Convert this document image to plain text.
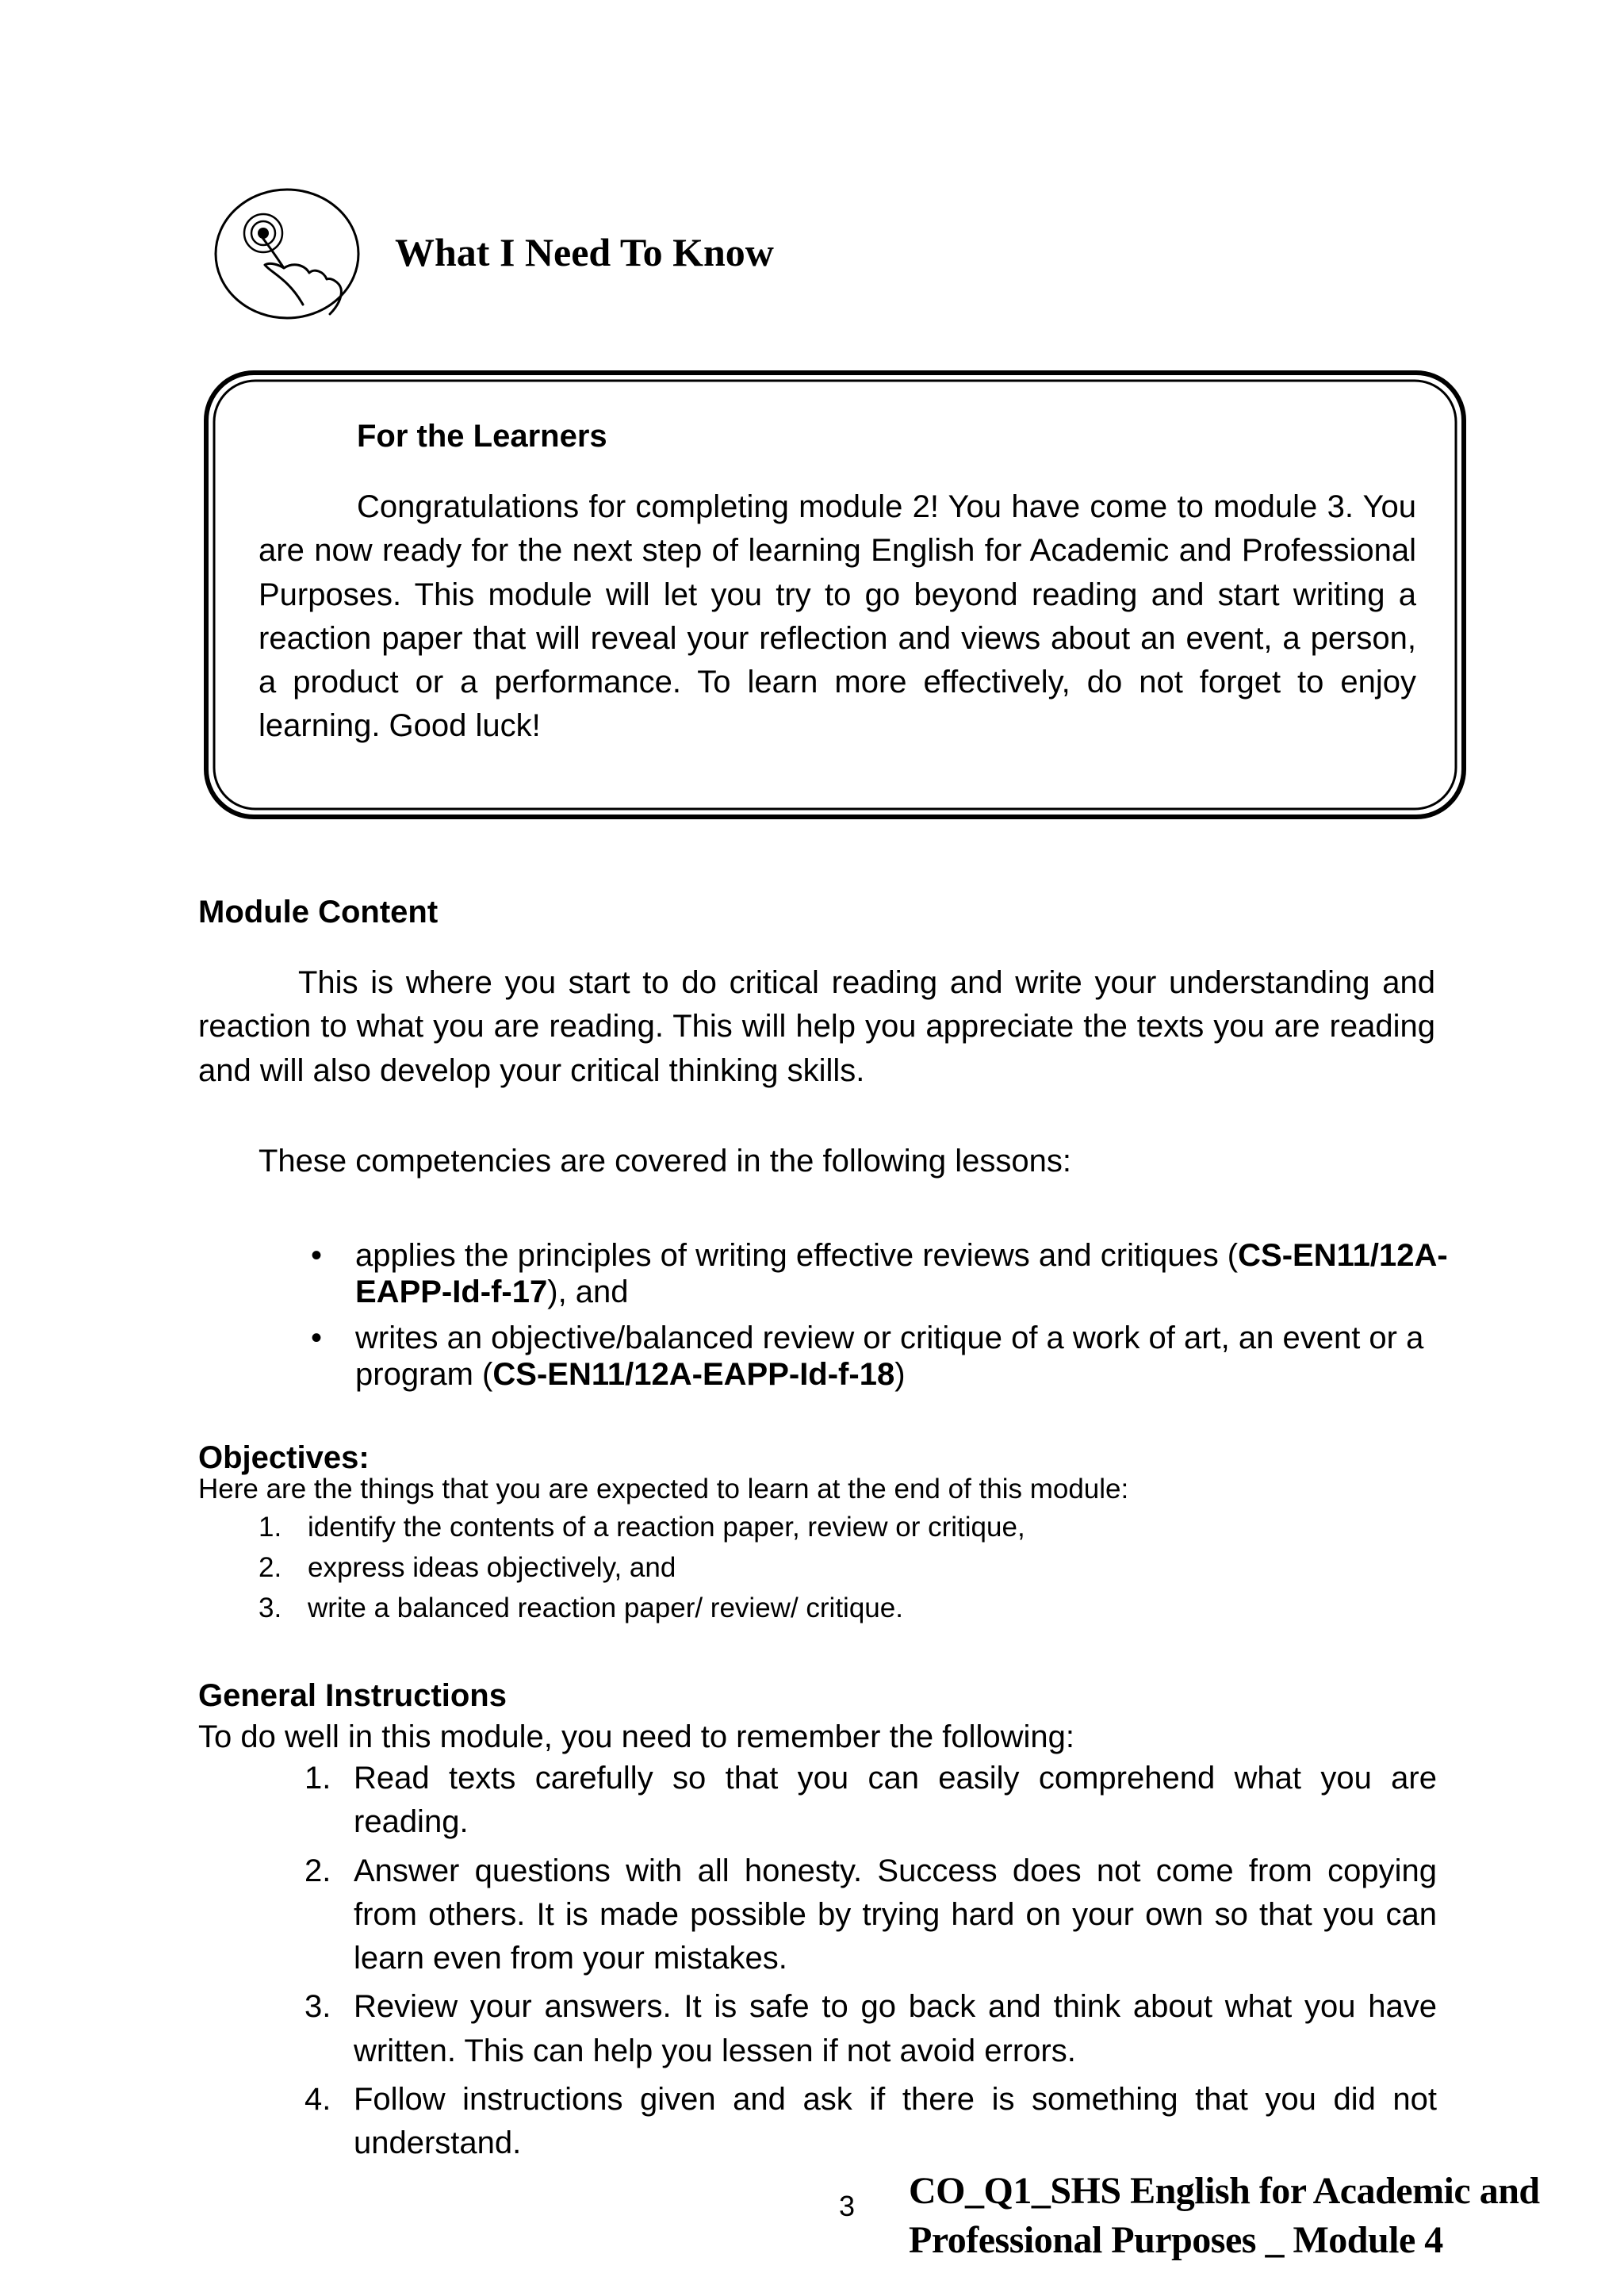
What I Need To Know
For the Learners

Congratulations for completing module 2! You have come to module 3. You are now ready for the next step of learning English for Academic and Professional Purposes. This module will let you try to go beyond reading and start writing a reaction paper that will reveal your reflection and views about an event, a person, a product or a performance. To learn more effectively, do not forget to enjoy learning. Good luck!

Module Content

This is where you start to do critical reading and write your understanding and reaction to what you are reading. This will help you appreciate the texts you are reading and will also develop your critical thinking skills.

These competencies are covered in the following lessons:
• applies the principles of writing effective reviews and critiques (CS-EN11/12A-EAPP-Id-f-17), and
• writes an objective/balanced review or critique of a work of art, an event or a program (CS-EN11/12A-EAPP-Id-f-18)
Objectives:
Here are the things that you are expected to learn at the end of this module:
1. identify the contents of a reaction paper, review or critique,
2. express ideas objectively, and
3. write a balanced reaction paper/ review/ critique.
General Instructions
To do well in this module, you need to remember the following:
1. Read texts carefully so that you can easily comprehend what you are reading.
2. Answer questions with all honesty. Success does not come from copying from others. It is made possible by trying hard on your own so that you can learn even from your mistakes.
3. Review your answers. It is safe to go back and think about what you have written. This can help you lessen if not avoid errors.
4. Follow instructions given and ask if there is something that you did not understand.
3 CO_Q1_SHS English for Academic and
Professional Purposes _ Module 4
